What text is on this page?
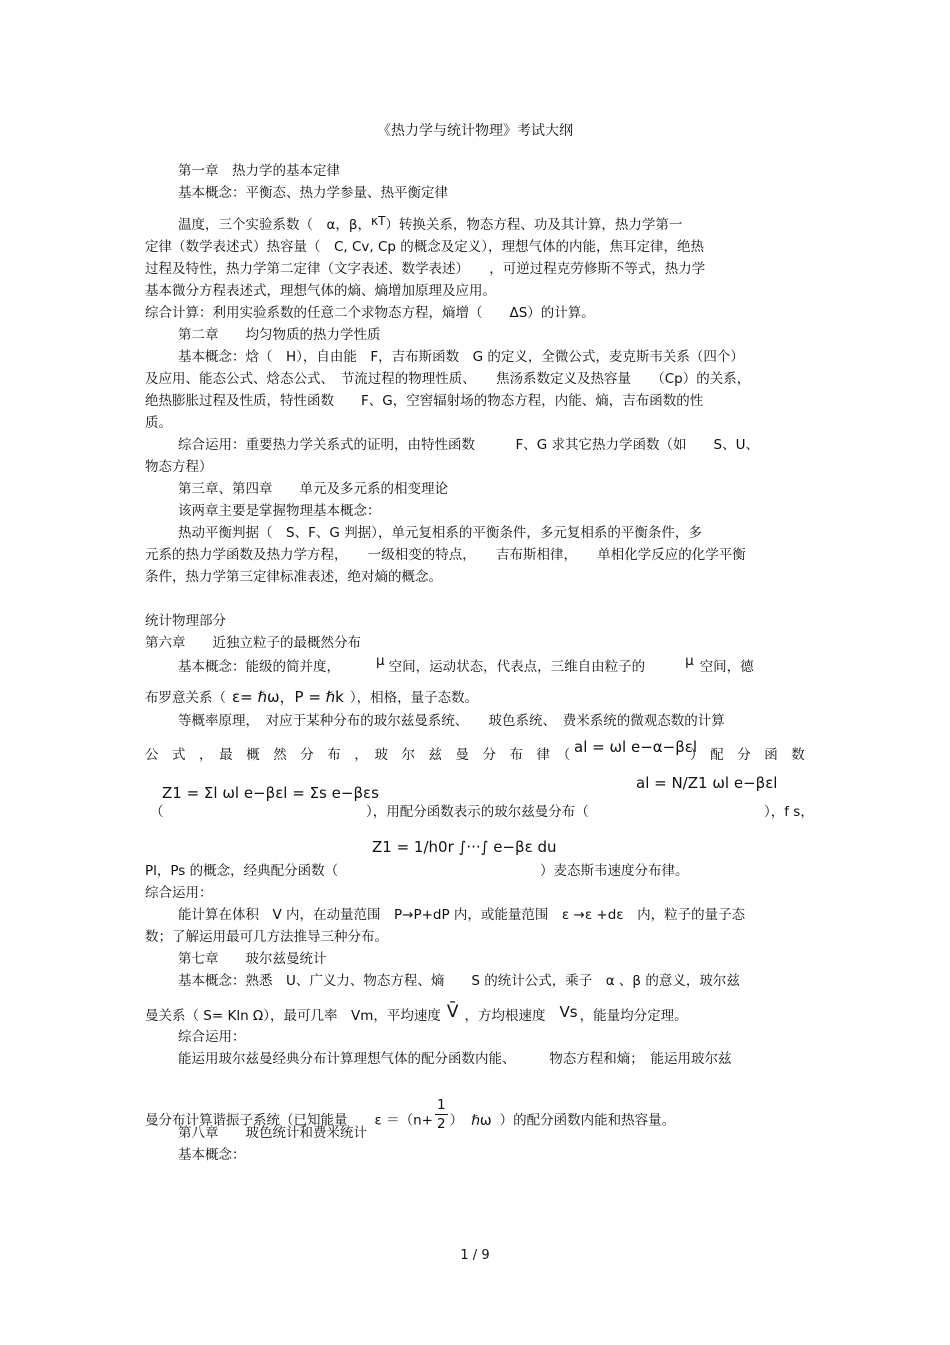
《热力学与统计物理》考试大纲
第一章　热力学的基本定律
基本概念：平衡态、热力学参量、热平衡定律
温度，三个实验系数（　α，β，κT）转换关系，物态方程、功及其计算，热力学第一
定律（数学表述式）热容量（　C, Cv, Cp 的概念及定义），理想气体的内能，焦耳定律，绝热
过程及特性，热力学第二定律（文字表述、数学表述）　　，可逆过程克劳修斯不等式，热力学
基本微分方程表述式，理想气体的熵、熵增加原理及应用。
综合计算：利用实验系数的任意二个求物态方程，熵增（　　ΔS）的计算。
第二章　　均匀物质的热力学性质
基本概念：焓（　H），自由能　F，吉布斯函数　G 的定义，全微公式，麦克斯韦关系（四个）
及应用、能态公式、焓态公式、　节流过程的物理性质、　　焦汤系数定义及热容量　　（Cp）的关系，
绝热膨胀过程及性质，特性函数　　F、G，空窖辐射场的物态方程，内能、熵，吉布函数的性
质。
综合运用：重要热力学关系式的证明，由特性函数　　　F、G 求其它热力学函数（如　　S、U、
物态方程）
第三章、第四章　　单元及多元系的相变理论
该两章主要是掌握物理基本概念：
热动平衡判据（　S、F、G 判据），单元复相系的平衡条件，多元复相系的平衡条件，多
元系的热力学函数及热力学方程，　　一级相变的特点，　　吉布斯相律，　　单相化学反应的化学平衡
条件，热力学第三定律标准表述，绝对熵的概念。
统计物理部分
第六章　　近独立粒子的最概然分布
基本概念：能级的简并度，	μ 空间，运动状态，代表点，三维自由粒子的	μ 空间，德
布罗意关系（ ε= ℏω，P = ℏk ），相格，量子态数。
等概率原理，　对应于某种分布的玻尔兹曼系统、　　玻色系统、　费米系统的微观态数的计算
公　式　，　最　概　然　分　布　，　玻　尔　兹　曼　分　布　律　（ al = ωl e−α−βεl
）　配　分　函　数
（
Z1 = Σl ωl e−βεl = Σs e−βεs
），用配分函数表示的玻尔兹曼分布（
al = N/Z1 ωl e−βεl
），f s，
Z1 = 1/h0r ∫···∫ e−βε du
Pl，Ps 的概念，经典配分函数（	）麦态斯韦速度分布律。
综合运用：
能计算在体积　V 内，在动量范围　P→P+dP 内，或能量范围　ε →ε +dε　内，粒子的量子态
数；了解运用最可几方法推导三种分布。
第七章　　玻尔兹曼统计
基本概念：熟悉　U、广义力、物态方程、熵　　S 的统计公式，乘子　α 、β 的意义，玻尔兹
曼关系（ S= Kln Ω），最可几率　Vm，平均速度 V̄ ，方均根速度 Vs ，能量均分定理。
综合运用：
能运用玻尔兹曼经典分布计算理想气体的配分函数内能、　　　物态方程和熵；　能运用玻尔兹
曼分布计算谐振子系统（已知能量　　$\varepsilon =(n+ \frac{1}{2}$ ） ℏω ）的配分函数内能和热容量。
第八章　　玻色统计和费米统计
基本概念：
1 / 9
